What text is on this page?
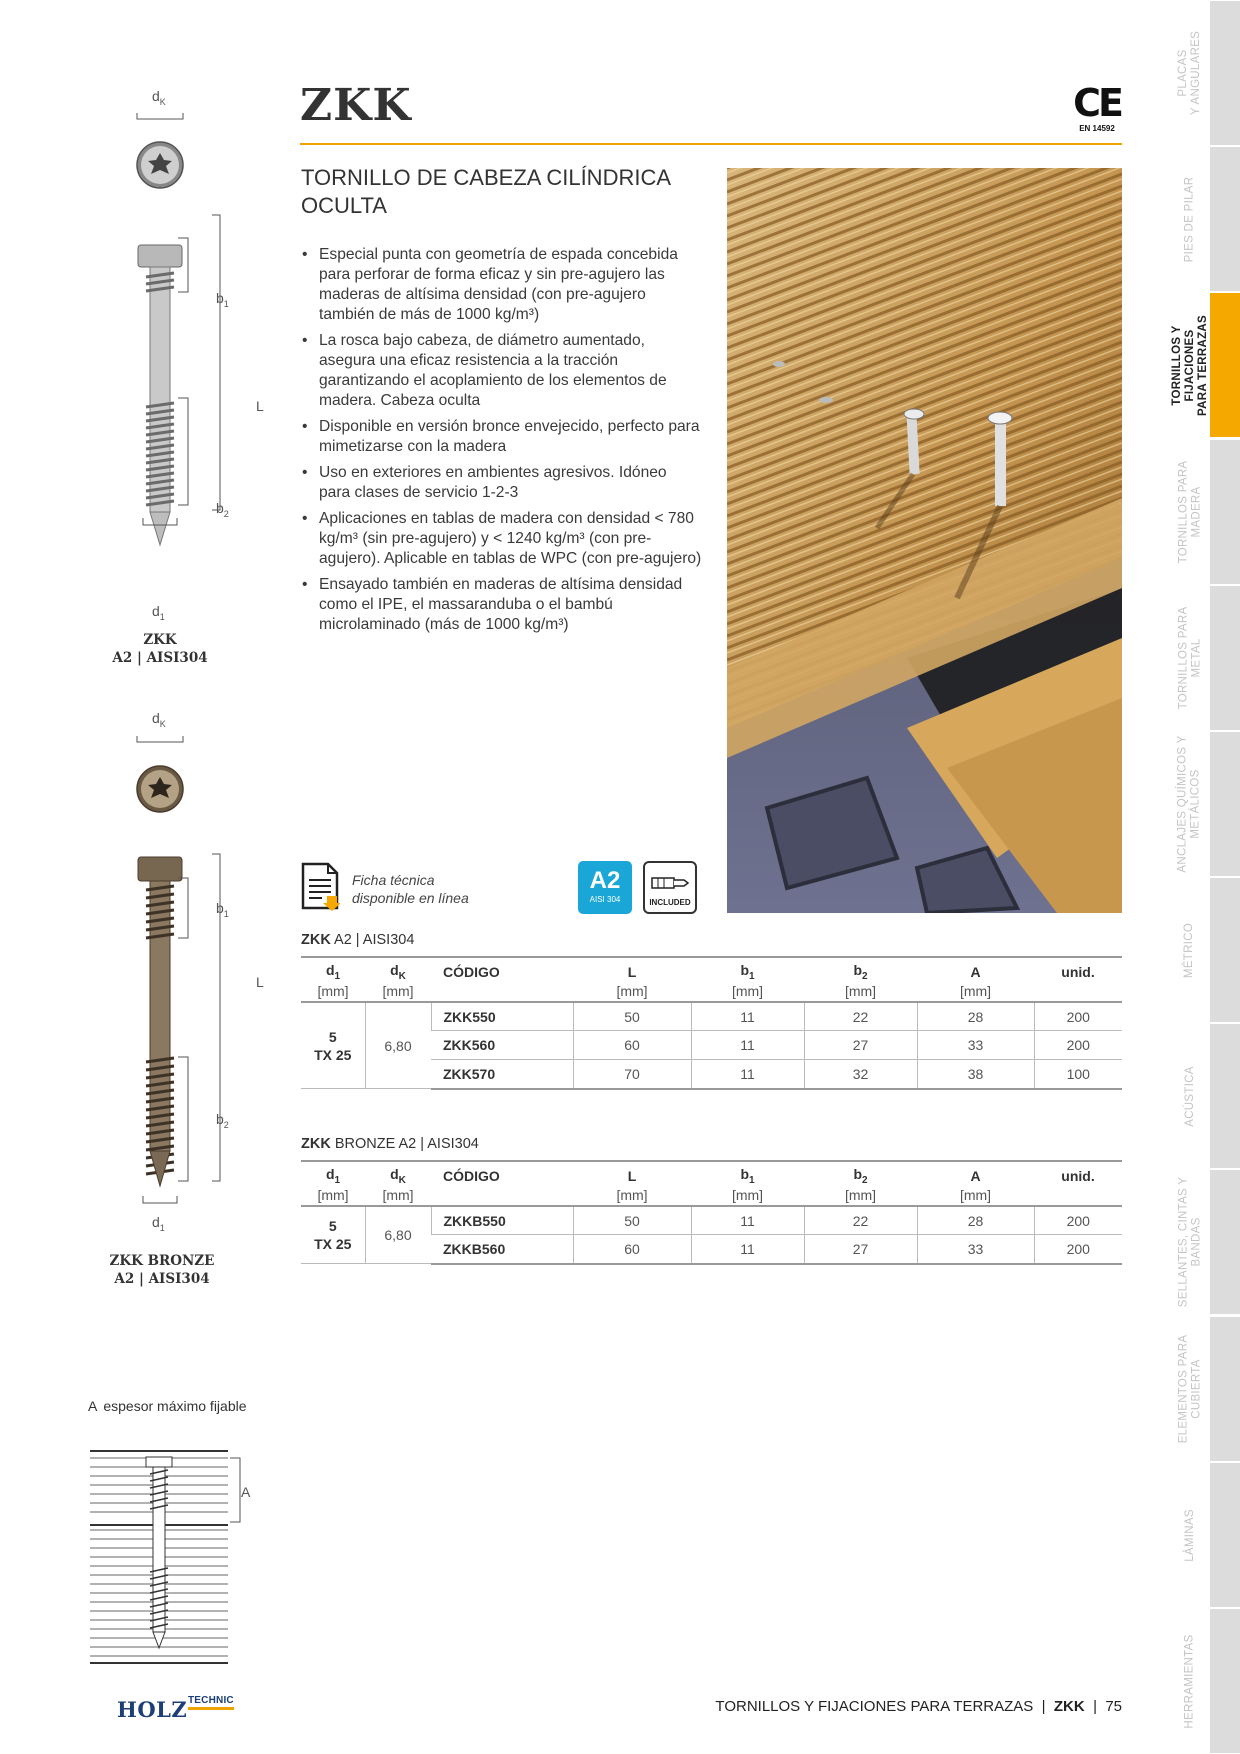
ZKK	CE
EN 14592
TORNILLO DE CABEZA CILÍNDRICA OCULTA
• Especial punta con geometría de espada concebida para perforar de forma eficaz y sin pre-agujero las maderas de altísima densidad (con pre-agujero también de más de 1000 kg/m³)
• La rosca bajo cabeza, de diámetro aumentado, asegura una eficaz resistencia a la tracción garantizando el acoplamiento de los elementos de madera. Cabeza oculta
• Disponible en versión bronce envejecido, perfecto para mimetizarse con la madera
• Uso en exteriores en ambientes agresivos. Idóneo para clases de servicio 1-2-3
• Aplicaciones en tablas de madera con densidad < 780 kg/m³ (sin pre-agujero) y < 1240 kg/m³ (con pre-agujero). Aplicable en tablas de WPC (con pre-agujero)
• Ensayado también en maderas de altísima densidad como el IPE, el massaranduba o el bambú microlaminado (más de 1000 kg/m³)
$d_K$
$b_1$
L
$b_2$
$d_1$
ZKK
A2 | AISI304
$d_K$
$b_1$
L
$b_2$
$d_1$
ZKK BRONZE
A2 | AISI304
Ficha técnica
disponible en línea
A2
AISI 304	INCLUDED
ZKK A2 | AISI304
$d_1$	$d_K$	CÓDIGO	L	$b_1$	$b_2$	A	unid.
[mm]	[mm]		[mm]	[mm]	[mm]	[mm]	

5
TX 25	6,80	ZKK550	50	11	22	28	200
		ZKK560	60	11	27	33	200
		ZKK570	70	11	32	38	100
ZKK BRONZE A2 | AISI304
$d_1$	$d_K$	CÓDIGO	L	$b_1$	$b_2$	A	unid.
[mm]	[mm]		[mm]	[mm]	[mm]	[mm]	

5
TX 25	6,80	ZKKB550	50	11	22	28	200
		ZKKB560	60	11	27	33	200
A espesor máximo fijable
A
HOLZ TECHNIC	TORNILLOS Y FIJACIONES PARA TERRAZAS | ZKK | 75
PLACAS Y ANGULARES
PIES DE PILAR
TORNILLOS Y FIJACIONES PARA TERRAZAS
TORNILLOS PARA MADERA
TORNILLOS PARA METAL
ANCLAJES QUÍMICOS Y METÁLICOS
MÉTRICO
ACÚSTICA
SELLANTES, CINTAS Y BANDAS
ELEMENTOS PARA CUBIERTA
LÁMINAS
HERRAMIENTAS
